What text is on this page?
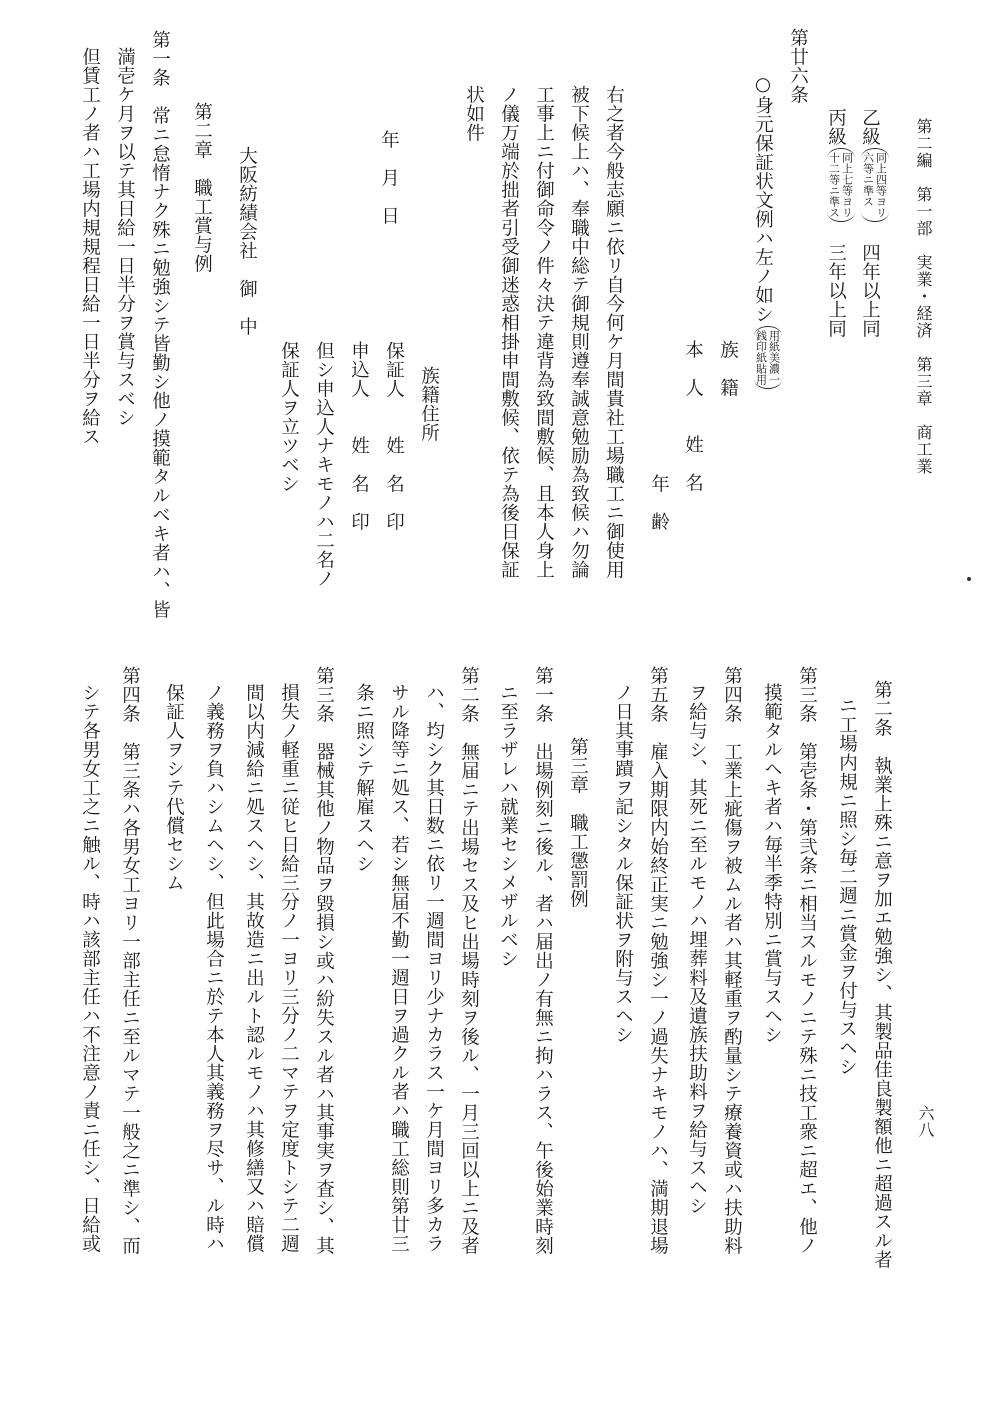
第二編　第一部　実業・経済　第三章　商工業
六八
乙級同上四等ヨリ
六等ニ準ス　四年以上同
丙級同上七等ヨリ
十二等ニ準ス　三年以上同
第廿六条
○身元保証状文例ハ左ノ如シ用紙美濃一
銭印紙貼用
族　籍
本　人　　姓　名
年　齢
右之者今般志願ニ依リ自今何ケ月間貴社工場職工ニ御使用
被下候上ハ、奉職中総テ御規則遵奉誠意勉励為致候ハ勿論
工事上ニ付御命令ノ件々決テ違背為致間敷候、且本人身上
ノ儀万端於拙者引受御迷惑相掛申間敷候、依テ為後日保証
状如件
族籍住所
保証人　　姓　名　印
申込人　　姓　名　印
但シ申込人ナキモノハ二名ノ
保証人ヲ立ツベシ
年　月　日
大阪紡績会社　御　中
第二章　職工賞与例
第一条　常ニ怠惰ナク殊ニ勉強シテ皆勤シ他ノ摸範タルベキ者ハ、皆
満壱ケ月ヲ以テ其日給一日半分ヲ賞与スベシ
但賃工ノ者ハ工場内規規程日給一日半分ヲ給ス
第二条　執業上殊ニ意ヲ加エ勉強シ、其製品佳良製額他ニ超過スル者
ニ工場内規ニ照シ毎二週ニ賞金ヲ付与スヘシ
第三条　第壱条・第弐条ニ相当スルモノニテ殊ニ技工衆ニ超エ、他ノ
摸範タルヘキ者ハ毎半季特別ニ賞与スヘシ
第四条　工業上疵傷ヲ被ムル者ハ其軽重ヲ酌量シテ療養資或ハ扶助料
ヲ給与シ、其死ニ至ルモノハ埋葬料及遺族扶助料ヲ給与スヘシ
第五条　雇入期限内始終正実ニ勉強シ一ノ過失ナキモノハ、満期退場
ノ日其事蹟ヲ記シタル保証状ヲ附与スヘシ
第三章　職工懲罰例
第一条　出場例刻ニ後ル、者ハ届出ノ有無ニ拘ハラス、午後始業時刻
ニ至ラザレハ就業セシメザルベシ
第二条　無届ニテ出場セス及ヒ出場時刻ヲ後ル、一月三回以上ニ及者
ハ、均シク其日数ニ依リ一週間ヨリ少ナカラス一ケ月間ヨリ多カラ
サル降等ニ処ス、若シ無届不勤一週日ヲ過クル者ハ職工総則第廿三
条ニ照シテ解雇スヘシ
第三条　器械其他ノ物品ヲ毀損シ或ハ紛失スル者ハ其事実ヲ査シ、其
損失ノ軽重ニ従ヒ日給三分ノ一ヨリ三分ノ二マテヲ定度トシテ二週
間以内減給ニ処スヘシ、其故造ニ出ルト認ルモノハ其修繕又ハ賠償
ノ義務ヲ負ハシムヘシ、但此場合ニ於テ本人其義務ヲ尽サ、ル時ハ
保証人ヲシテ代償セシム
第四条　第三条ハ各男女工ヨリ一部主任ニ至ルマテ一般之ニ準シ、而
シテ各男女工之ニ触ル、時ハ該部主任ハ不注意ノ責ニ任シ、日給或
